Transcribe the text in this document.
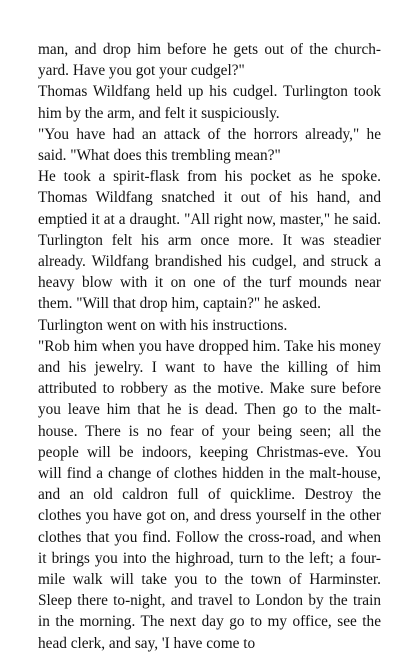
man, and drop him before he gets out of the church-yard. Have you got your cudgel?"

Thomas Wildfang held up his cudgel. Turlington took him by the arm, and felt it suspiciously.

"You have had an attack of the horrors already," he said. "What does this trembling mean?"

He took a spirit-flask from his pocket as he spoke. Thomas Wildfang snatched it out of his hand, and emptied it at a draught. "All right now, master," he said. Turlington felt his arm once more. It was steadier already. Wildfang brandished his cudgel, and struck a heavy blow with it on one of the turf mounds near them. "Will that drop him, captain?" he asked.

Turlington went on with his instructions.

"Rob him when you have dropped him. Take his money and his jewelry. I want to have the killing of him attributed to robbery as the motive. Make sure before you leave him that he is dead. Then go to the malt-house. There is no fear of your being seen; all the people will be indoors, keeping Christmas-eve. You will find a change of clothes hidden in the malt-house, and an old caldron full of quicklime. Destroy the clothes you have got on, and dress yourself in the other clothes that you find. Follow the cross-road, and when it brings you into the highroad, turn to the left; a four-mile walk will take you to the town of Harminster. Sleep there to-night, and travel to London by the train in the morning. The next day go to my office, see the head clerk, and say, 'I have come to
